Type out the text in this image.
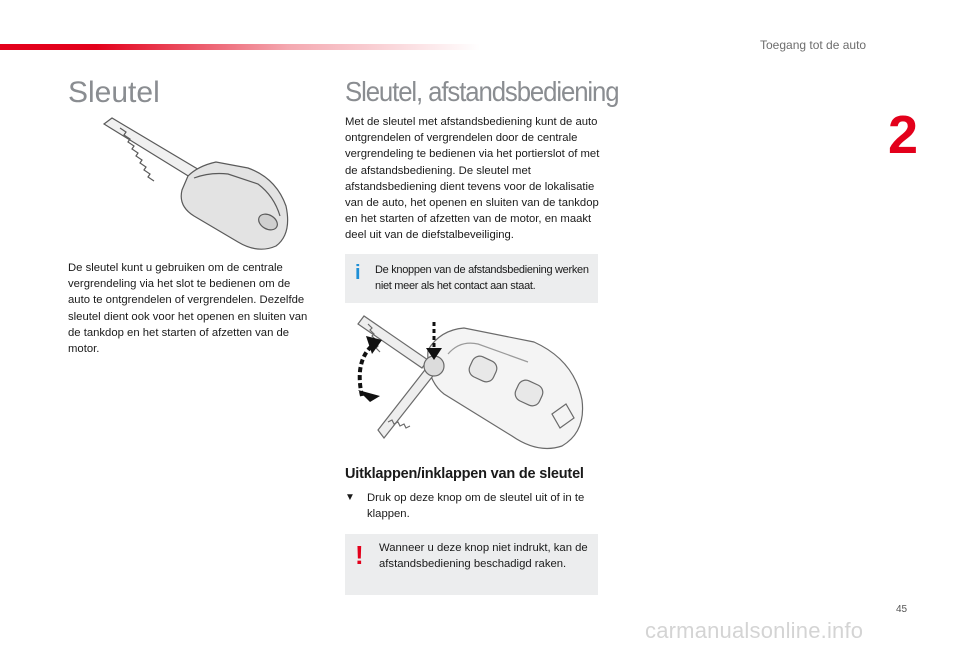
Toegang tot de auto
2
Sleutel

De sleutel kunt u gebruiken om de centrale vergrendeling via het slot te bedienen om de auto te ontgrendelen of vergrendelen. Dezelfde sleutel dient ook voor het openen en sluiten van de tankdop en het starten of afzetten van de motor.

Sleutel, afstandsbediening

Met de sleutel met afstandsbediening kunt de auto ontgrendelen of vergrendelen door de centrale vergrendeling te bedienen via het portierslot of met de afstandsbediening. De sleutel met afstandsbediening dient tevens voor de lokalisatie van de auto, het openen en sluiten van de tankdop en het starten of afzetten van de motor, en maakt deel uit van de diefstalbeveiliging.

i De knoppen van de afstandsbediening werken niet meer als het contact aan staat.
Uitklappen/inklappen van de sleutel
▼ Druk op deze knop om de sleutel uit of in te klappen.
! Wanneer u deze knop niet indrukt, kan de afstandsbediening beschadigd raken.
45
carmanualsonline.info
